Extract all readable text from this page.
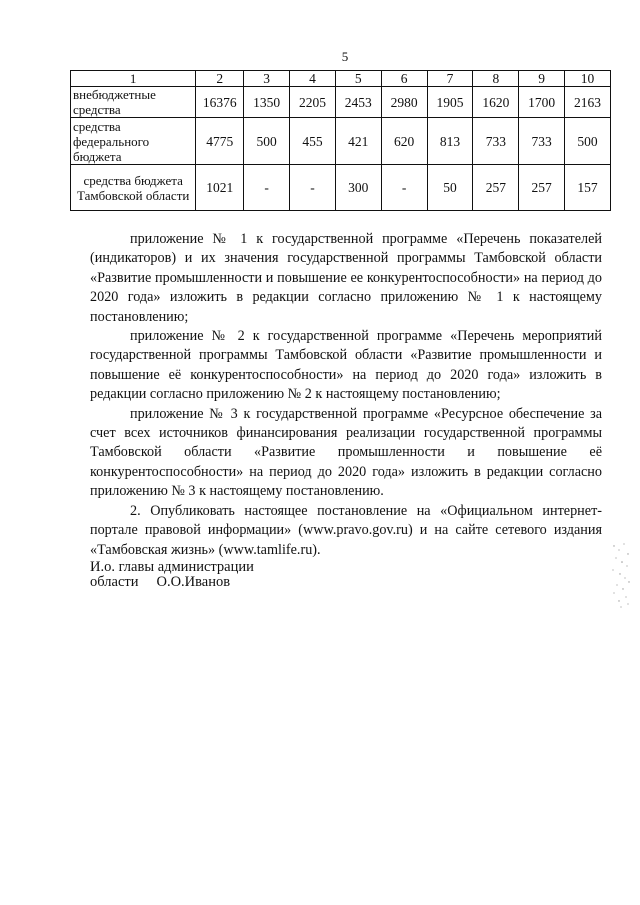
5
1	2	3	4	5	6	7	8	9	10
внебюджетные средства	16376	1350	2205	2453	2980	1905	1620	1700	2163
средства федерального бюджета	4775	500	455	421	620	813	733	733	500
средства бюджета Тамбовской области	1021	-	-	300	-	50	257	257	157

приложение № 1 к государственной программе «Перечень показателей (индикаторов) и их значения государственной программы Тамбовской области «Развитие промышленности и повышение ее конкурентоспособности» на период до 2020 года» изложить в редакции согласно приложению № 1 к настоящему постановлению;

приложение № 2 к государственной программе «Перечень мероприятий государственной программы Тамбовской области «Развитие промышленности и повышение её конкурентоспособности» на период до 2020 года» изложить в редакции согласно приложению № 2 к настоящему постановлению;

приложение № 3 к государственной программе «Ресурсное обеспечение за счет всех источников финансирования реализации государственной программы Тамбовской области «Развитие промышленности и повышение её конкурентоспособности» на период до 2020 года» изложить в редакции согласно приложению № 3 к настоящему постановлению.

2. Опубликовать настоящее постановление на «Официальном интернет-портале правовой информации» (www.pravo.gov.ru) и на сайте сетевого издания «Тамбовская жизнь» (www.tamlife.ru).

И.о. главы администрации
области О.О.Иванов
